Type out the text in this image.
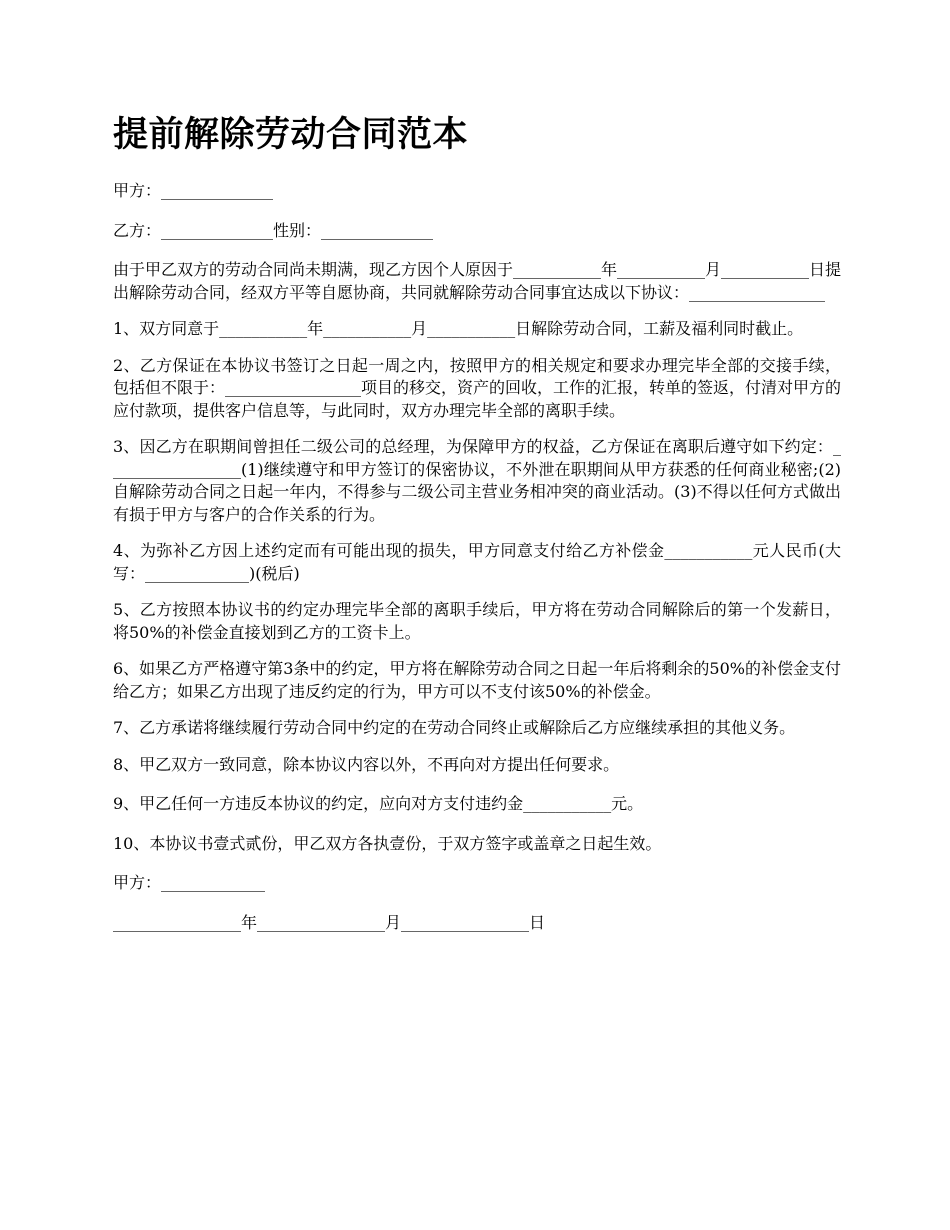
提前解除劳动合同范本

甲方：______________

乙方：______________性别：______________

由于甲乙双方的劳动合同尚未期满，现乙方因个人原因于___________年___________月___________日提出解除劳动合同，经双方平等自愿协商，共同就解除劳动合同事宜达成以下协议：_________________

1、双方同意于___________年___________月___________日解除劳动合同，工薪及福利同时截止。

2、乙方保证在本协议书签订之日起一周之内，按照甲方的相关规定和要求办理完毕全部的交接手续，包括但不限于：_________________项目的移交，资产的回收，工作的汇报，转单的签返，付清对甲方的应付款项，提供客户信息等，与此同时，双方办理完毕全部的离职手续。

3、因乙方在职期间曾担任二级公司的总经理，为保障甲方的权益，乙方保证在离职后遵守如下约定：_________________(1)继续遵守和甲方签订的保密协议，不外泄在职期间从甲方获悉的任何商业秘密;(2)自解除劳动合同之日起一年内，不得参与二级公司主营业务相冲突的商业活动。(3)不得以任何方式做出有损于甲方与客户的合作关系的行为。

4、为弥补乙方因上述约定而有可能出现的损失，甲方同意支付给乙方补偿金___________元人民币(大写：_____________)(税后)

5、乙方按照本协议书的约定办理完毕全部的离职手续后，甲方将在劳动合同解除后的第一个发薪日，将50%的补偿金直接划到乙方的工资卡上。

6、如果乙方严格遵守第3条中的约定，甲方将在解除劳动合同之日起一年后将剩余的50%的补偿金支付给乙方；如果乙方出现了违反约定的行为，甲方可以不支付该50%的补偿金。

7、乙方承诺将继续履行劳动合同中约定的在劳动合同终止或解除后乙方应继续承担的其他义务。

8、甲乙双方一致同意，除本协议内容以外，不再向对方提出任何要求。

9、甲乙任何一方违反本协议的约定，应向对方支付违约金___________元。

10、本协议书壹式贰份，甲乙双方各执壹份，于双方签字或盖章之日起生效。

甲方：_____________

________________年________________月________________日
